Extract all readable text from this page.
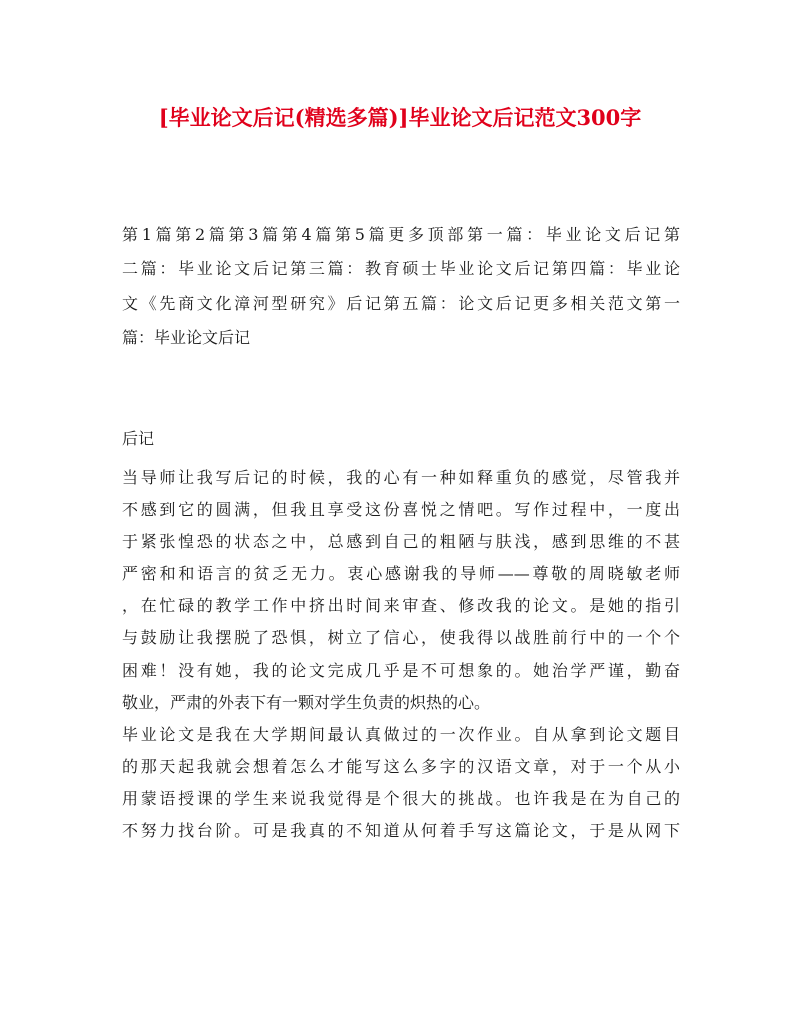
[毕业论文后记(精选多篇)]毕业论文后记范文300字
第1篇第2篇第3篇第4篇第5篇更多顶部第一篇：毕业论文后记第
二篇：毕业论文后记第三篇：教育硕士毕业论文后记第四篇：毕业论
文《先商文化漳河型研究》后记第五篇：论文后记更多相关范文第一
篇：毕业论文后记
后记
当导师让我写后记的时候，我的心有一种如释重负的感觉，尽管我并
不感到它的圆满，但我且享受这份喜悦之情吧。写作过程中，一度出
于紧张惶恐的状态之中，总感到自己的粗陋与肤浅，感到思维的不甚
严密和和语言的贫乏无力。衷心感谢我的导师——尊敬的周晓敏老师
，在忙碌的教学工作中挤出时间来审查、修改我的论文。是她的指引
与鼓励让我摆脱了恐惧，树立了信心，使我得以战胜前行中的一个个
困难！没有她，我的论文完成几乎是不可想象的。她治学严谨，勤奋
敬业，严肃的外表下有一颗对学生负责的炽热的心。
毕业论文是我在大学期间最认真做过的一次作业。自从拿到论文题目
的那天起我就会想着怎么才能写这么多字的汉语文章，对于一个从小
用蒙语授课的学生来说我觉得是个很大的挑战。也许我是在为自己的
不努力找台阶。可是我真的不知道从何着手写这篇论文，于是从网下
